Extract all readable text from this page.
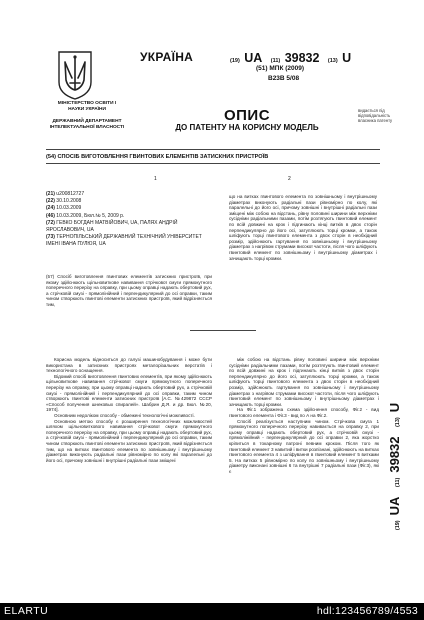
УКРАЇНА
МІНІСТЕРСТВО ОСВІТИ І НАУКИ УКРАЇНИ
ДЕРЖАВНИЙ ДЕПАРТАМЕНТ ІНТЕЛЕКТУАЛЬНОЇ ВЛАСНОСТІ
(19) UA (11) 39832 (13) U
(51) МПК (2009)
B23B 5/08
ОПИС
ДО ПАТЕНТУ НА КОРИСНУ МОДЕЛЬ
видається під відповідальність власника патенту
(54) СПОСІБ ВИГОТОВЛЕННЯ ГВИНТОВИХ ЕЛЕМЕНТІВ ЗАТИСКНИХ ПРИСТРОЇВ
1	2
(21) u200812727
(22) 30.10.2008
(24) 10.03.2009
(46) 10.03.2009, Бюл.№ 5, 2009 р.
(72) ГЕВКО БОГДАН МАТВІЙОВИЧ, UA, ПАЛЯХ АНДРІЙ ЯРОСЛАВОВИЧ, UA
(73) ТЕРНОПІЛЬСЬКИЙ ДЕРЖАВНИЙ ТЕХНІЧНИЙ УНІВЕРСИТЕТ ІМЕНІ ІВАНА ПУЛЮЯ, UA
(57) Спосіб виготовлення гвинтових елементів затискних пристроїв, при якому здійснюють щільновитковe навивання стрічкової смуги прямокутного поперечного перерізу на оправку, при цьому оправці надають обертовий рух, а стрічковій смузі - прямолінійний і перпендикулярний до осі оправки, таким чином створюють гвинтові елементи затискних пристроїв, який відрізняється тим,
що на витках гвинтового елемента по зовнішньому і внутрішньому діаметрах виконують радіальні пази рівномірно по колу, які паралельні до його осі, причому зовнішні і внутрішні радіальні пази зміщені між собою на відстань, рівну половині ширини між верхніми сусідніми радіальними пазами, потім розтягують гвинтовий елемент по всій довжині на крок і підгинають кінці витків в двох сторін перпендикулярно до його осі, затуплюють торці кромки, а також шліфують торці гвинтового елемента з двох сторін в необхідний розмір, здійснюють гартування по зовнішньому і внутрішньому діаметрах з нагрівом струмами високої частоти, після чого шліфують гвинтовий елемент по зовнішньому і внутрішньому діаметрах і зачищають торці кромки.

Корисна модель відноситься до галузі машинобудування і може бути використана в затискних пристроях металорізальних верстатів і технологічного оснащення.

Відомий спосіб виготовлення гвинтових елементів, при якому здійснюють щільновиткове навивання стрічкової смуги прямокутного поперечного перерізу на оправку, при цьому оправці надають обертовий рух, а стрічковій смузі - прямолінійний і перпендикулярний до осі оправки, таким чином створюють гвинтові елементи затискних пристроїв [А.С. №429872 СССР «Способ получения шнековых спиралей». Шабрин Д.Я. и др. Бюл. №20, 1974].

Основним недоліком способу - обмежені технологічні можливості.

Основною метою способу є розширення технологічних можливостей шляхом щільновиткового навивання стрічкової смуги прямокутного поперечного перерізу на оправку, при цьому оправці надають обертовий рух, а стрічковій смузі - прямолінійний і перпендикулярний до осі оправки, таким чином створюють гвинтові елементи затискних пристроїв, який відрізняється тим, що на витках гвинтового елемента по зовнішньому і внутрішньому діаметрах виконують радіальні пази рівномірно по колу які паралельні до його осі, причому зовнішні і внутрішні радіальні пази зміщені

між собою на відстань рівну половині ширини між верхніми сусідніми радіальними пазами, потім розтягують гвинтовий елемент по всій довжині на крок і підгинають кінці витків з двох сторін перпендикулярно до його осі, затуплюють торці кромки, а також шліфують торці гвинтового елемента з двох сторін в необхідний розмір, здійснюють гартування по зовнішньому і внутрішньому діаметрах з нагрівом струмами високої частоти, після чого шліфують гвинтовий елемент по зовнішньому і внутрішньому діаметрах і зачищають торці кромки.

На Фіг.1 зображена схема здійснення способу, Фіг.2 - вид гвинтового елемента і Фіг.3 - вид по А на Фіг.2.

Спосіб реалізується наступним чином. Стрічкова смуга 1 прямокутного поперечного перерізу навивається на оправку 2, при цьому оправці надають обертовий рух, а стрічковій смузі - прямолінійний - перпендикулярний до осі оправки 2, яка жорстко кріпиться в токарному патроні певним кроком. Після того як гвинтовий елемент 3 навитий і витки розпізнані, здійснюють на витках гвинтового елемента 4 з шліфування в гвинтовий елемент 5 витками 5. На витках 5 рівномірно по колу по зовнішньому і внутрішньому діаметру виконані зовнішні 6 та внутрішні 7 радіальні пази (Фіг.3), які є

(19)UA (11)39832 (13)U
ELARTU	hdl:123456789/4553
